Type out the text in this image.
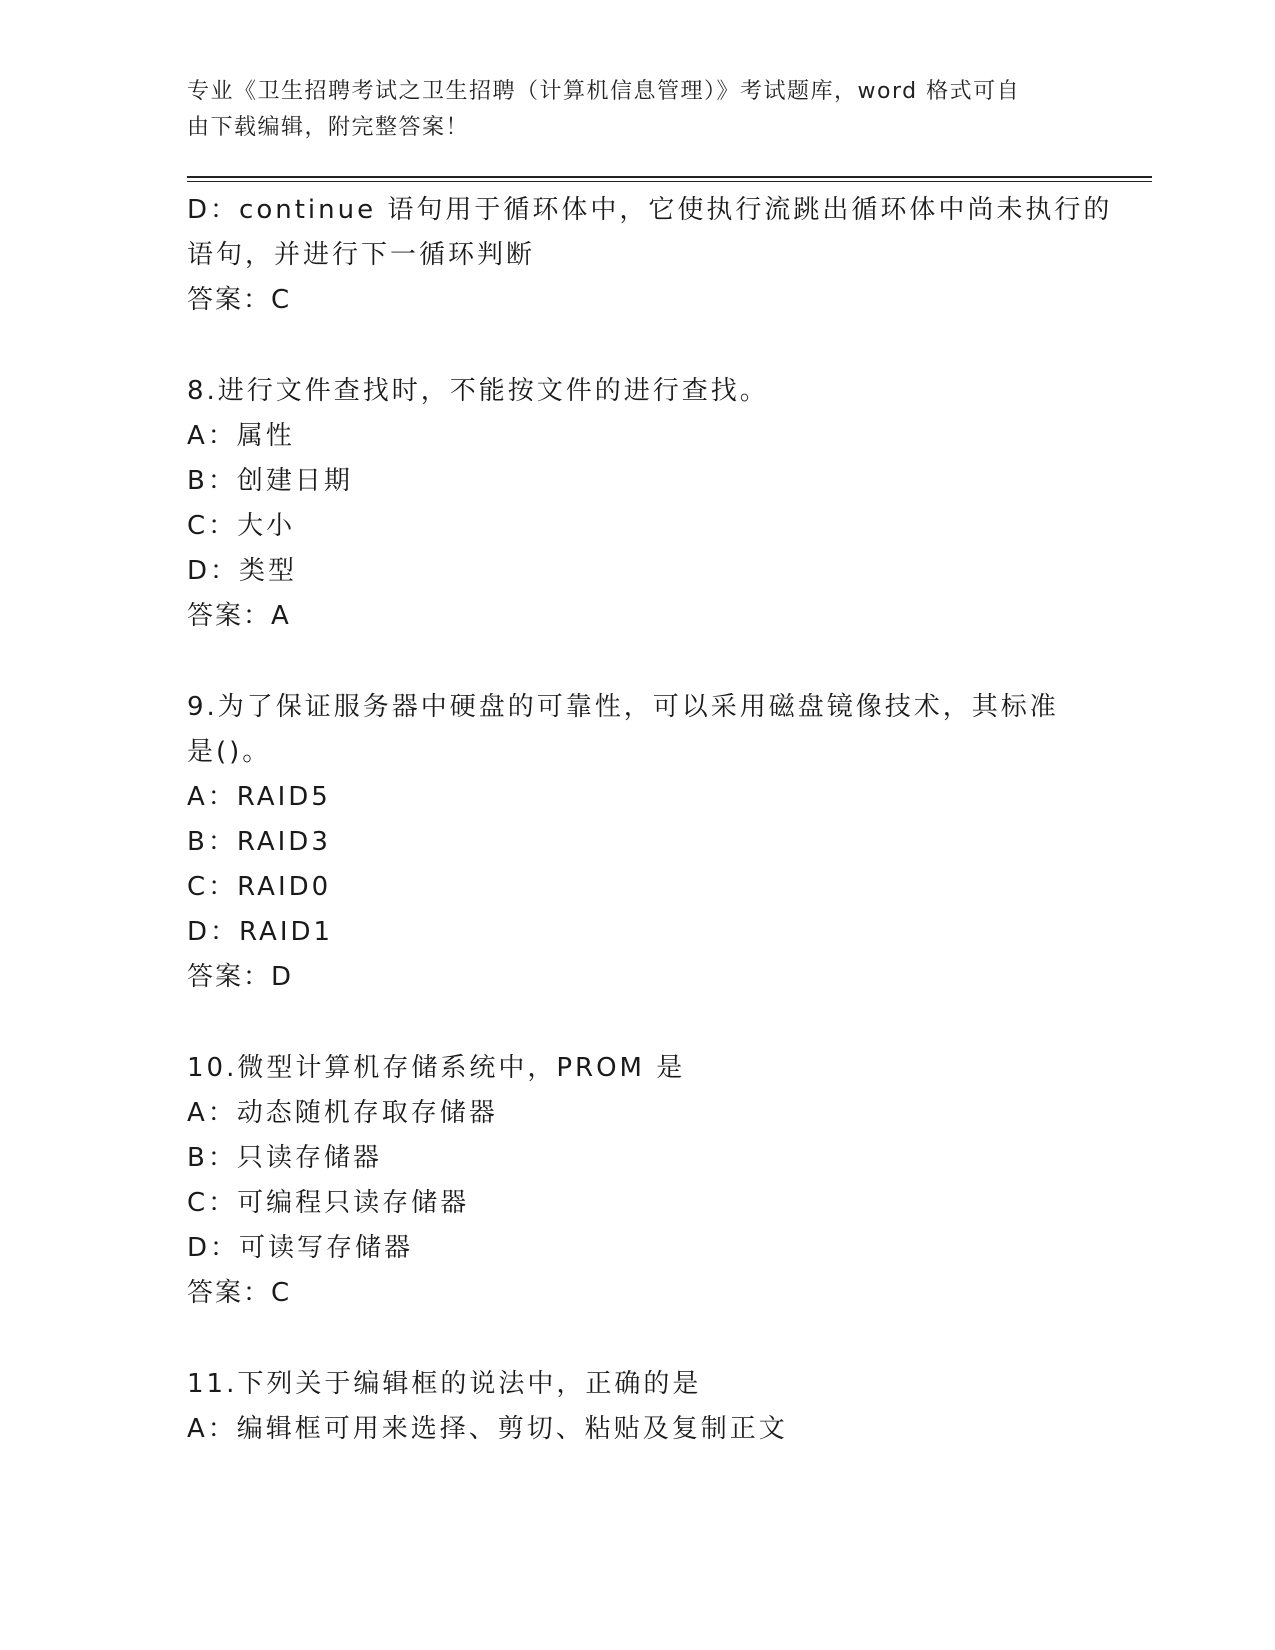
专业《卫生招聘考试之卫生招聘（计算机信息管理）》考试题库，word 格式可自
由下载编辑，附完整答案！
D：continue 语句用于循环体中，它使执行流跳出循环体中尚未执行的
语句，并进行下一循环判断
答案：C
8.进行文件查找时，不能按文件的进行查找。
A：属性
B：创建日期
C：大小
D：类型
答案：A
9.为了保证服务器中硬盘的可靠性，可以采用磁盘镜像技术，其标准
是()。
A：RAID5
B：RAID3
C：RAID0
D：RAID1
答案：D
10.微型计算机存储系统中，PROM 是
A：动态随机存取存储器
B：只读存储器
C：可编程只读存储器
D：可读写存储器
答案：C
11.下列关于编辑框的说法中，正确的是
A：编辑框可用来选择、剪切、粘贴及复制正文
